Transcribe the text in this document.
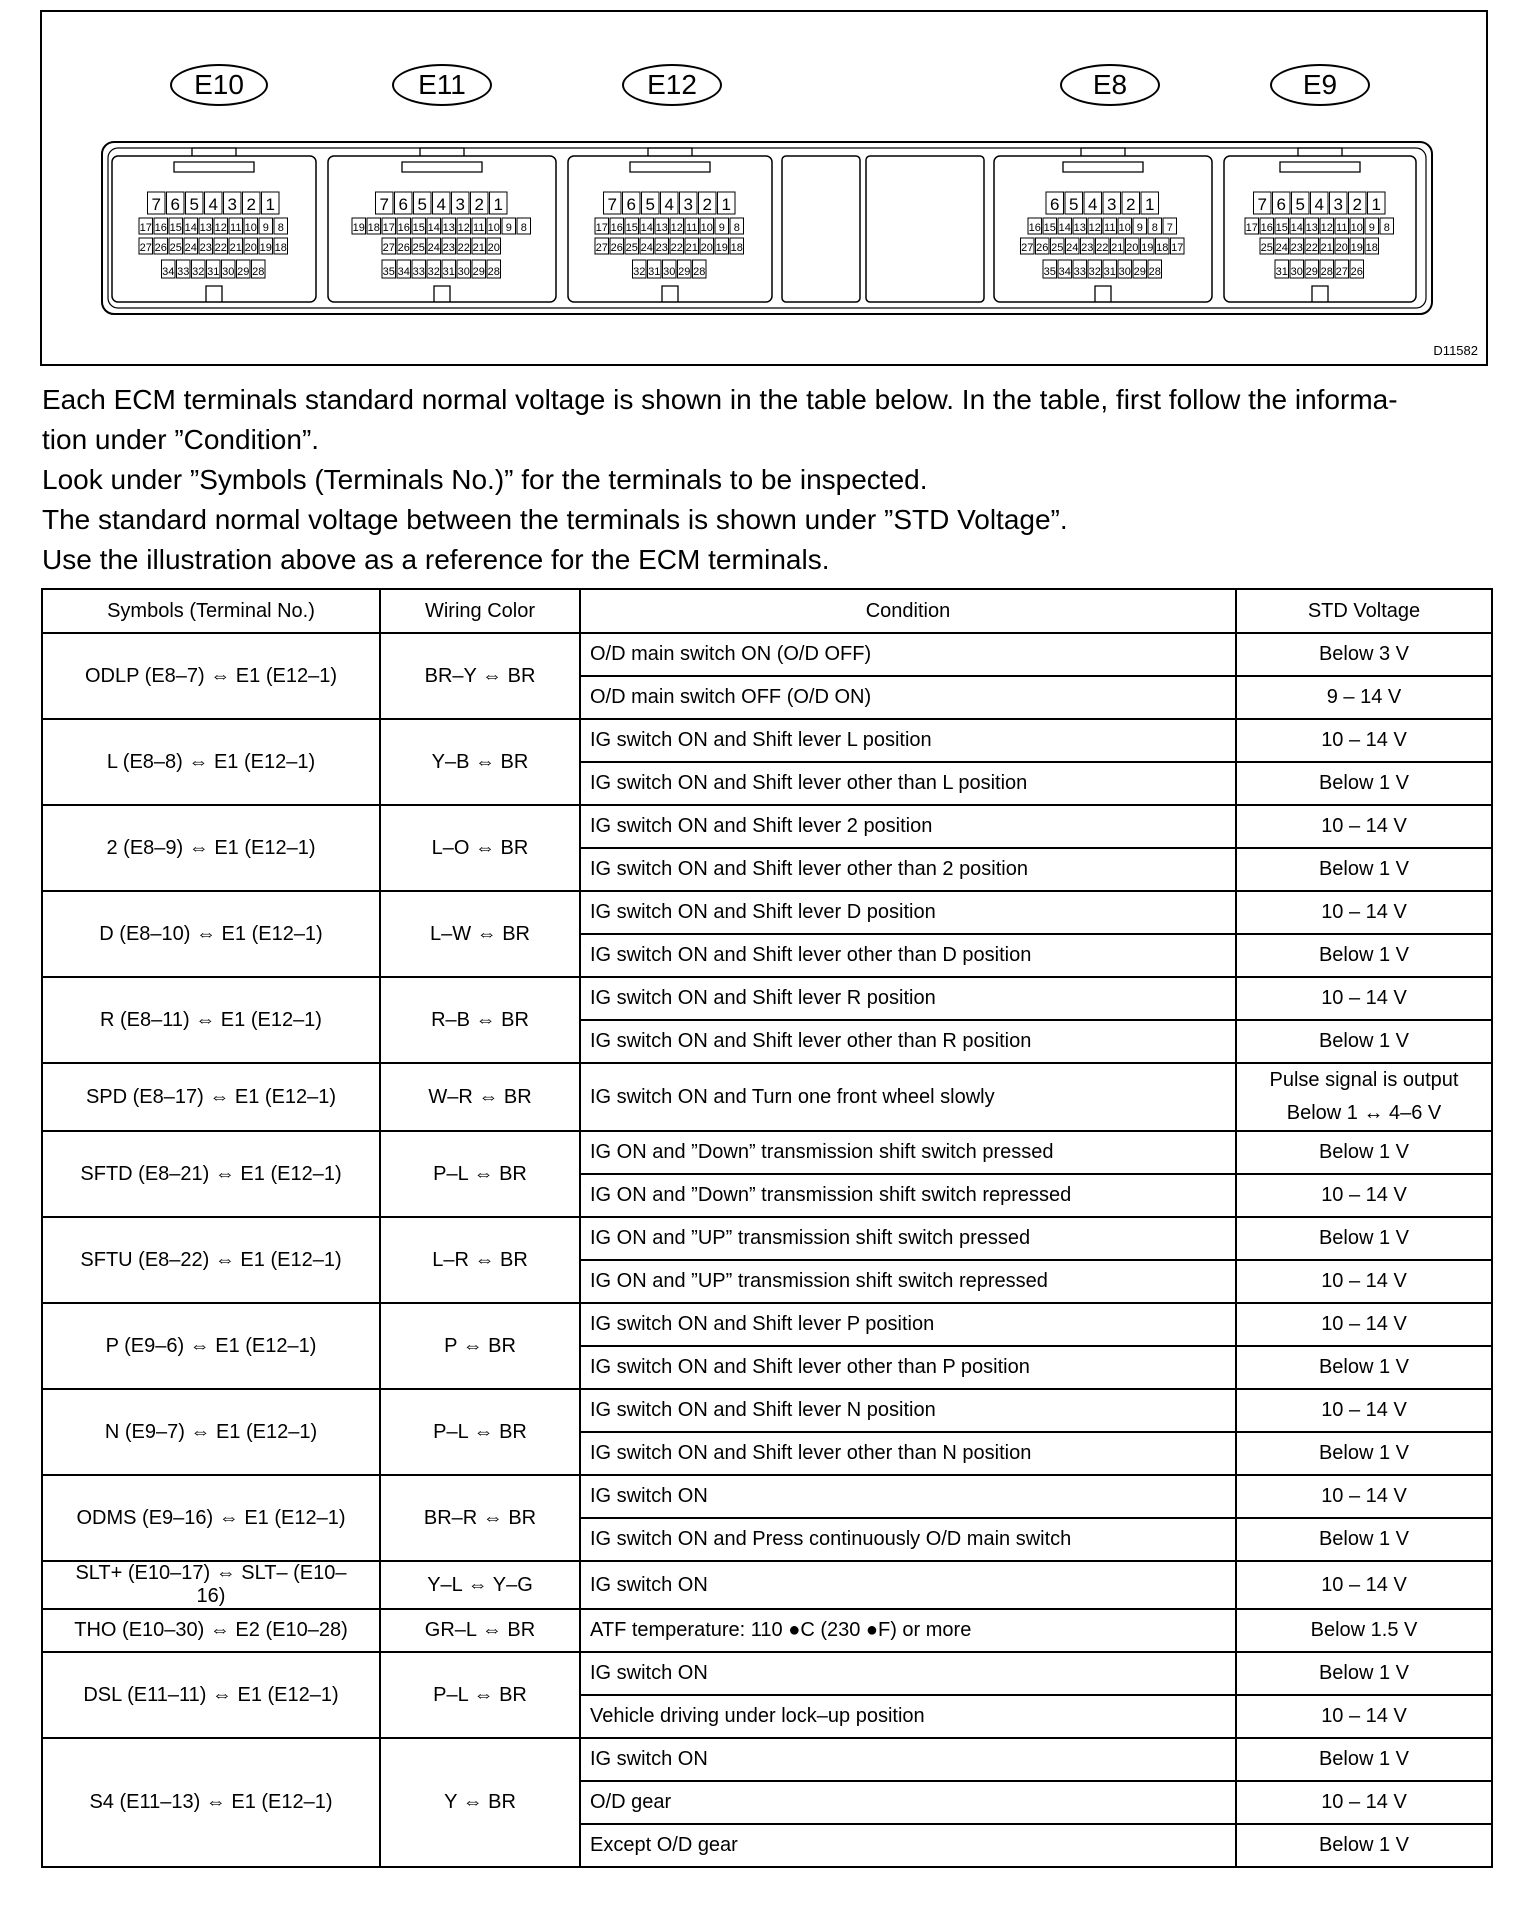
7 6 5 4 3 2 1
17 16 15 14 13 12 11 10 9 8
27 26 25 24 23 22 21 20 19 18
34 33 32 31 30 29 28
7 6 5 4 3 2 1
19 18 17 16 15 14 13 12 11 10 9 8
27 26 25 24 23 22 21 20
35 34 33 32 31 30 29 28
7 6 5 4 3 2 1
17 16 15 14 13 12 11 10 9 8
27 26 25 24 23 22 21 20 19 18
32 31 30 29 28
6 5 4 3 2 1
16 15 14 13 12 11 10 9 8 7
27 26 25 24 23 22 21 20 19 18 17
35 34 33 32 31 30 29 28
7 6 5 4 3 2 1
17 16 15 14 13 12 11 10 9 8
25 24 23 22 21 20 19 18
31 30 29 28 27 26
E10	E11	E12	E8	E9
D11582

Each ECM terminals standard normal voltage is shown in the table below. In the table, first follow the informa-

tion under ”Condition”.

Look under ”Symbols (Terminals No.)” for the terminals to be inspected.

The standard normal voltage between the terminals is shown under ”STD Voltage”.

Use the illustration above as a reference for the ECM terminals.

Symbols (Terminal No.)	Wiring Color	Condition	STD Voltage
ODLP (E8–7) ⇔ E1 (E12–1)	BR–Y ⇔ BR	O/D main switch ON (O/D OFF)	Below 3 V
		O/D main switch OFF (O/D ON)	9 – 14 V
L (E8–8) ⇔ E1 (E12–1)	Y–B ⇔ BR	IG switch ON and Shift lever L position	10 – 14 V
		IG switch ON and Shift lever other than L position	Below 1 V
2 (E8–9) ⇔ E1 (E12–1)	L–O ⇔ BR	IG switch ON and Shift lever 2 position	10 – 14 V
		IG switch ON and Shift lever other than 2 position	Below 1 V
D (E8–10) ⇔ E1 (E12–1)	L–W ⇔ BR	IG switch ON and Shift lever D position	10 – 14 V
		IG switch ON and Shift lever other than D position	Below 1 V
R (E8–11) ⇔ E1 (E12–1)	R–B ⇔ BR	IG switch ON and Shift lever R position	10 – 14 V
		IG switch ON and Shift lever other than R position	Below 1 V
SPD (E8–17) ⇔ E1 (E12–1)	W–R ⇔ BR	IG switch ON and Turn one front wheel slowly	Pulse signal is output
Below 1 ↔ 4–6 V

SFTD (E8–21) ⇔ E1 (E12–1)	P–L ⇔ BR	IG ON and ”Down” transmission shift switch pressed	Below 1 V
		IG ON and ”Down” transmission shift switch repressed	10 – 14 V
SFTU (E8–22) ⇔ E1 (E12–1)	L–R ⇔ BR	IG ON and ”UP” transmission shift switch pressed	Below 1 V
		IG ON and ”UP” transmission shift switch repressed	10 – 14 V
P (E9–6) ⇔ E1 (E12–1)	P ⇔ BR	IG switch ON and Shift lever P position	10 – 14 V
		IG switch ON and Shift lever other than P position	Below 1 V
N (E9–7) ⇔ E1 (E12–1)	P–L ⇔ BR	IG switch ON and Shift lever N position	10 – 14 V
		IG switch ON and Shift lever other than N position	Below 1 V
ODMS (E9–16) ⇔ E1 (E12–1)	BR–R ⇔ BR	IG switch ON	10 – 14 V
		IG switch ON and Press continuously O/D main switch	Below 1 V
SLT+ (E10–17) ⇔ SLT– (E10–16)	Y–L ⇔ Y–G	IG switch ON	10 – 14 V
THO (E10–30) ⇔ E2 (E10–28)	GR–L ⇔ BR	ATF temperature: 110 ●C (230 ●F) or more	Below 1.5 V
DSL (E11–11) ⇔ E1 (E12–1)	P–L ⇔ BR	IG switch ON	Below 1 V
		Vehicle driving under lock–up position	10 – 14 V
S4 (E11–13) ⇔ E1 (E12–1)	Y ⇔ BR	IG switch ON	Below 1 V
		O/D gear	10 – 14 V
		Except O/D gear	Below 1 V
